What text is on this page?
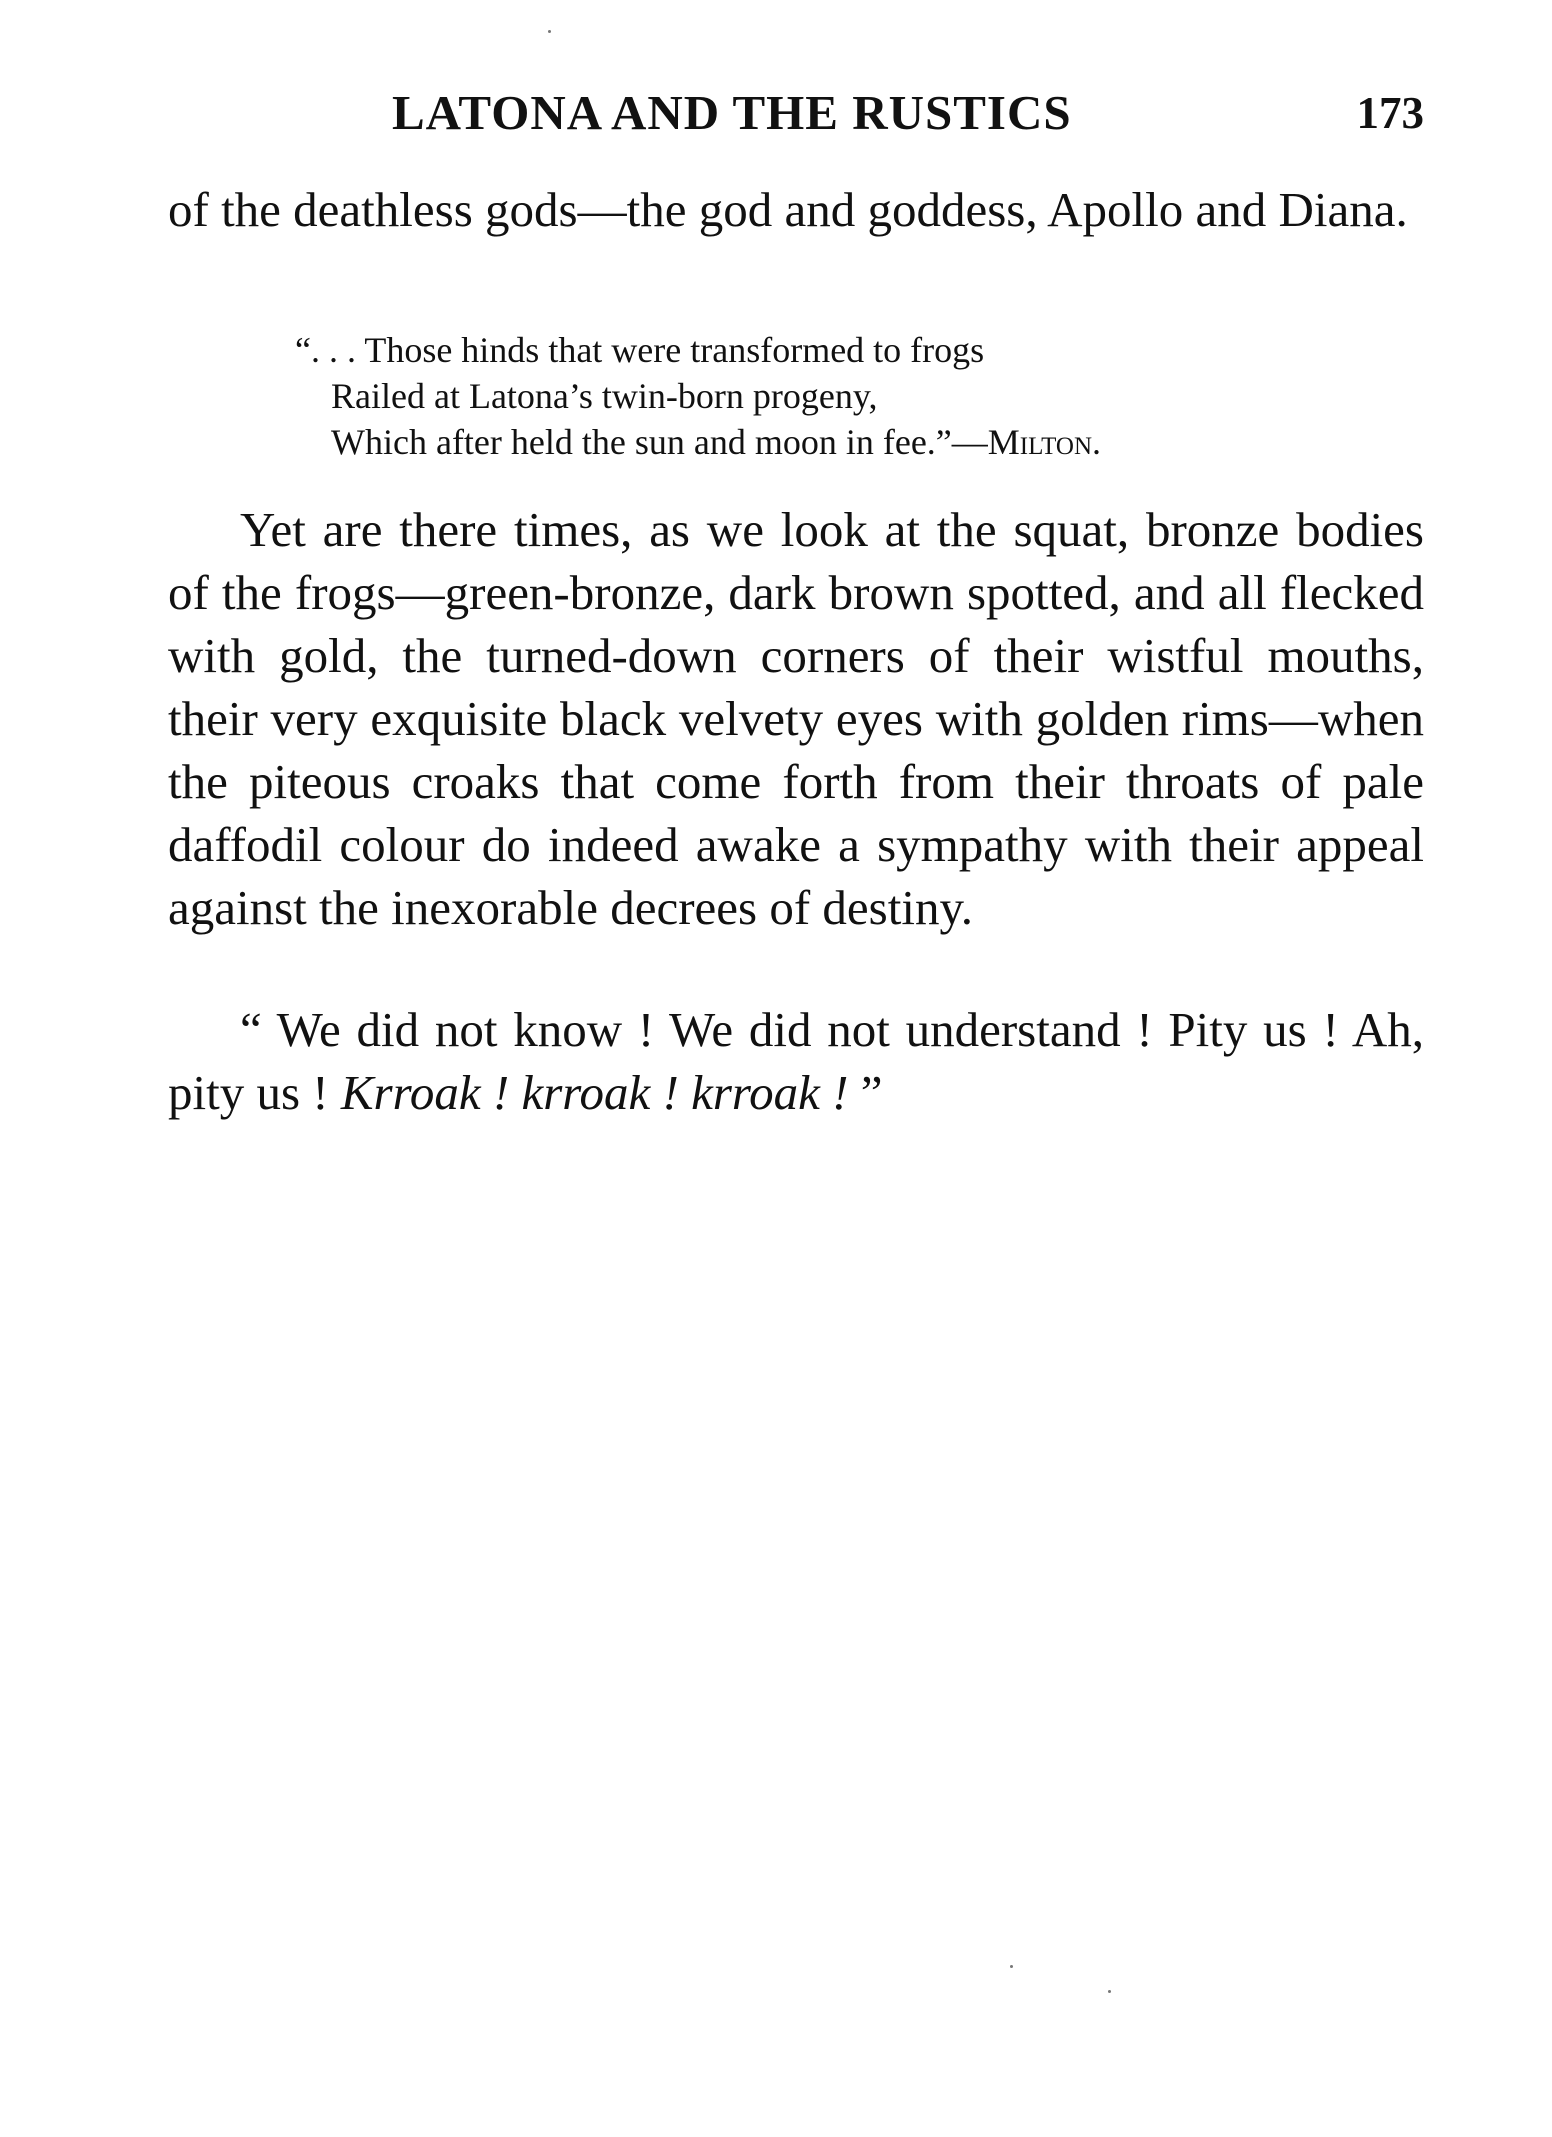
LATONA AND THE RUSTICS	173

of the deathless gods—the god and goddess, Apollo and Diana.

“. . . Those hinds that were transformed to frogs
Railed at Latona’s twin-born progeny,
Which after held the sun and moon in fee.”—Milton.

Yet are there times, as we look at the squat, bronze bodies of the frogs—green-bronze, dark brown spotted, and all flecked with gold, the turned-down corners of their wistful mouths, their very exquisite black velvety eyes with golden rims—when the piteous croaks that come forth from their throats of pale daffodil colour do indeed awake a sympathy with their appeal against the inexorable decrees of destiny.

“ We did not know ! We did not understand ! Pity us ! Ah, pity us ! Krroak ! krroak ! krroak ! ”
